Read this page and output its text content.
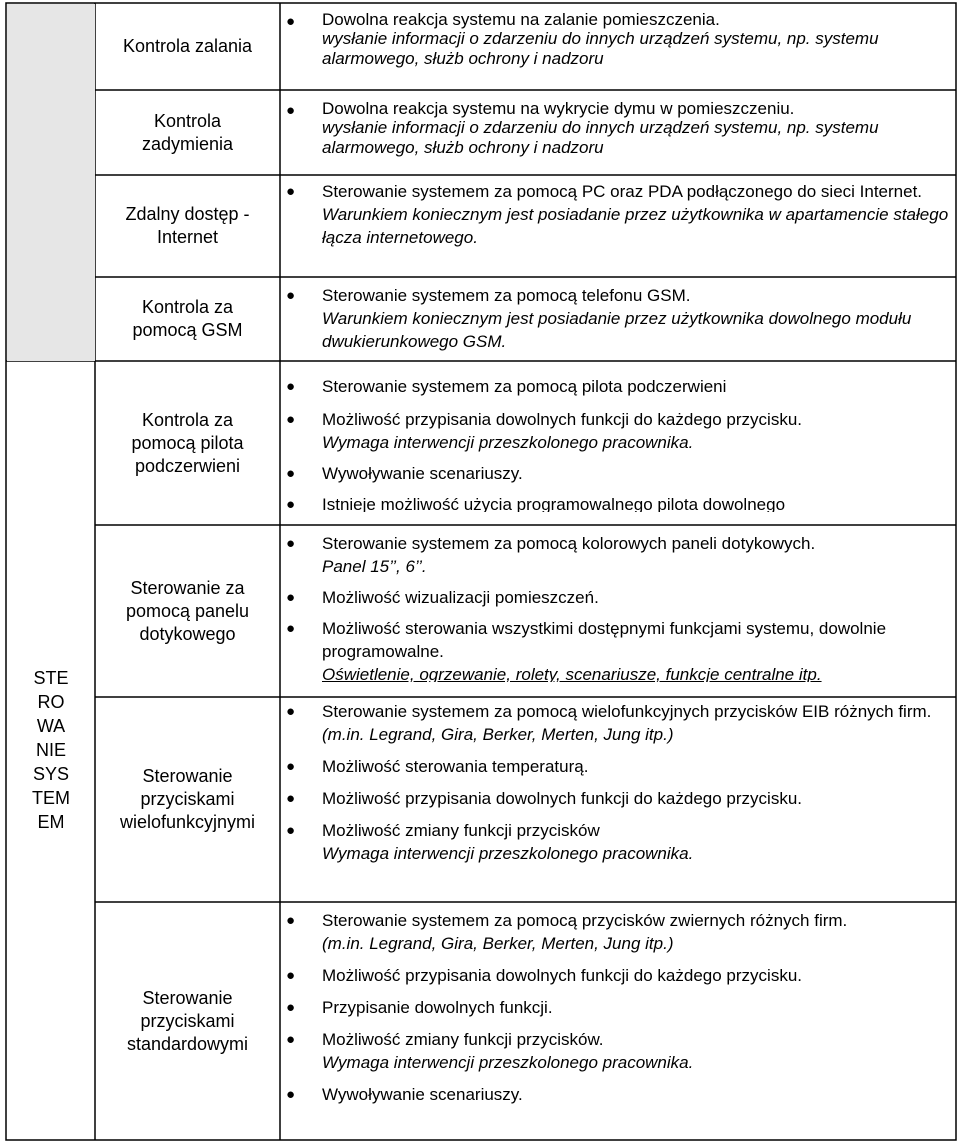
STE
RO
WA
NIE
SYS
TEM
EM
Kontrola zalania
Kontrola
zadymienia
Zdalny dostęp -
Internet
Kontrola za
pomocą GSM
Kontrola za
pomocą pilota
podczerwieni
Sterowanie za
pomocą panelu
dotykowego
Sterowanie
przyciskami
wielofunkcyjnymi
Sterowanie
przyciskami
standardowymi
● Dowolna reakcja systemu na zalanie pomieszczenia.
wysłanie informacji o zdarzeniu do innych urządzeń systemu, np. systemu alarmowego, służb ochrony i nadzoru
● Dowolna reakcja systemu na wykrycie dymu w pomieszczeniu.
wysłanie informacji o zdarzeniu do innych urządzeń systemu, np. systemu alarmowego, służb ochrony i nadzoru
● Sterowanie systemem za pomocą PC oraz PDA podłączonego do sieci Internet.
Warunkiem koniecznym jest posiadanie przez użytkownika w apartamencie stałego łącza internetowego.
● Sterowanie systemem za pomocą telefonu GSM.
Warunkiem koniecznym jest posiadanie przez użytkownika dowolnego modułu dwukierunkowego GSM.
● Sterowanie systemem za pomocą pilota podczerwieni
● Możliwość przypisania dowolnych funkcji do każdego przycisku.
Wymaga interwencji przeszkolonego pracownika.
● Wywoływanie scenariuszy.
● Istnieje możliwość użycia programowalnego pilota dowolnego
● Sterowanie systemem za pomocą kolorowych paneli dotykowych.
Panel 15’’, 6’’.
● Możliwość wizualizacji pomieszczeń.
● Możliwość sterowania wszystkimi dostępnymi funkcjami systemu, dowolnie programowalne.
Oświetlenie, ogrzewanie, rolety, scenariusze, funkcje centralne itp.
● Sterowanie systemem za pomocą wielofunkcyjnych przycisków EIB różnych firm.
(m.in. Legrand, Gira, Berker, Merten, Jung itp.)
● Możliwość sterowania temperaturą.
● Możliwość przypisania dowolnych funkcji do każdego przycisku.
● Możliwość zmiany funkcji przycisków
Wymaga interwencji przeszkolonego pracownika.
● Sterowanie systemem za pomocą przycisków zwiernych różnych firm.
(m.in. Legrand, Gira, Berker, Merten, Jung itp.)
● Możliwość przypisania dowolnych funkcji do każdego przycisku.
● Przypisanie dowolnych funkcji.
● Możliwość zmiany funkcji przycisków.
Wymaga interwencji przeszkolonego pracownika.
● Wywoływanie scenariuszy.
